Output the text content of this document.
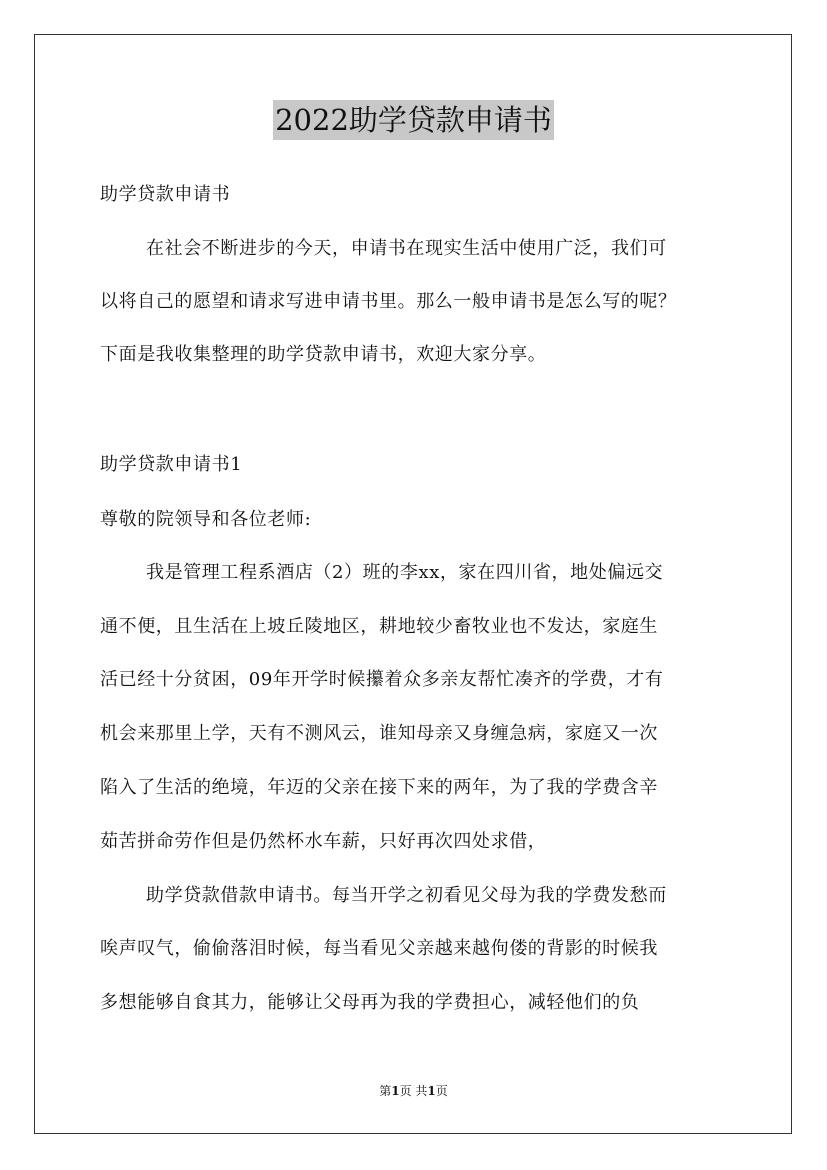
2022助学贷款申请书
助学贷款申请书
在社会不断进步的今天，申请书在现实生活中使用广泛，我们可
以将自己的愿望和请求写进申请书里。那么一般申请书是怎么写的呢？
下面是我收集整理的助学贷款申请书，欢迎大家分享。
助学贷款申请书1
尊敬的院领导和各位老师:
我是管理工程系酒店（2）班的李xx，家在四川省，地处偏远交
通不便，且生活在上坡丘陵地区，耕地较少畜牧业也不发达，家庭生
活已经十分贫困，09年开学时候攥着众多亲友帮忙凑齐的学费，才有
机会来那里上学，天有不测风云，谁知母亲又身缠急病，家庭又一次
陷入了生活的绝境，年迈的父亲在接下来的两年，为了我的学费含辛
茹苦拼命劳作但是仍然杯水车薪，只好再次四处求借，
助学贷款借款申请书。每当开学之初看见父母为我的学费发愁而
唉声叹气，偷偷落泪时候，每当看见父亲越来越佝偻的背影的时候我
多想能够自食其力，能够让父母再为我的学费担心，减轻他们的负
第1页 共1页
